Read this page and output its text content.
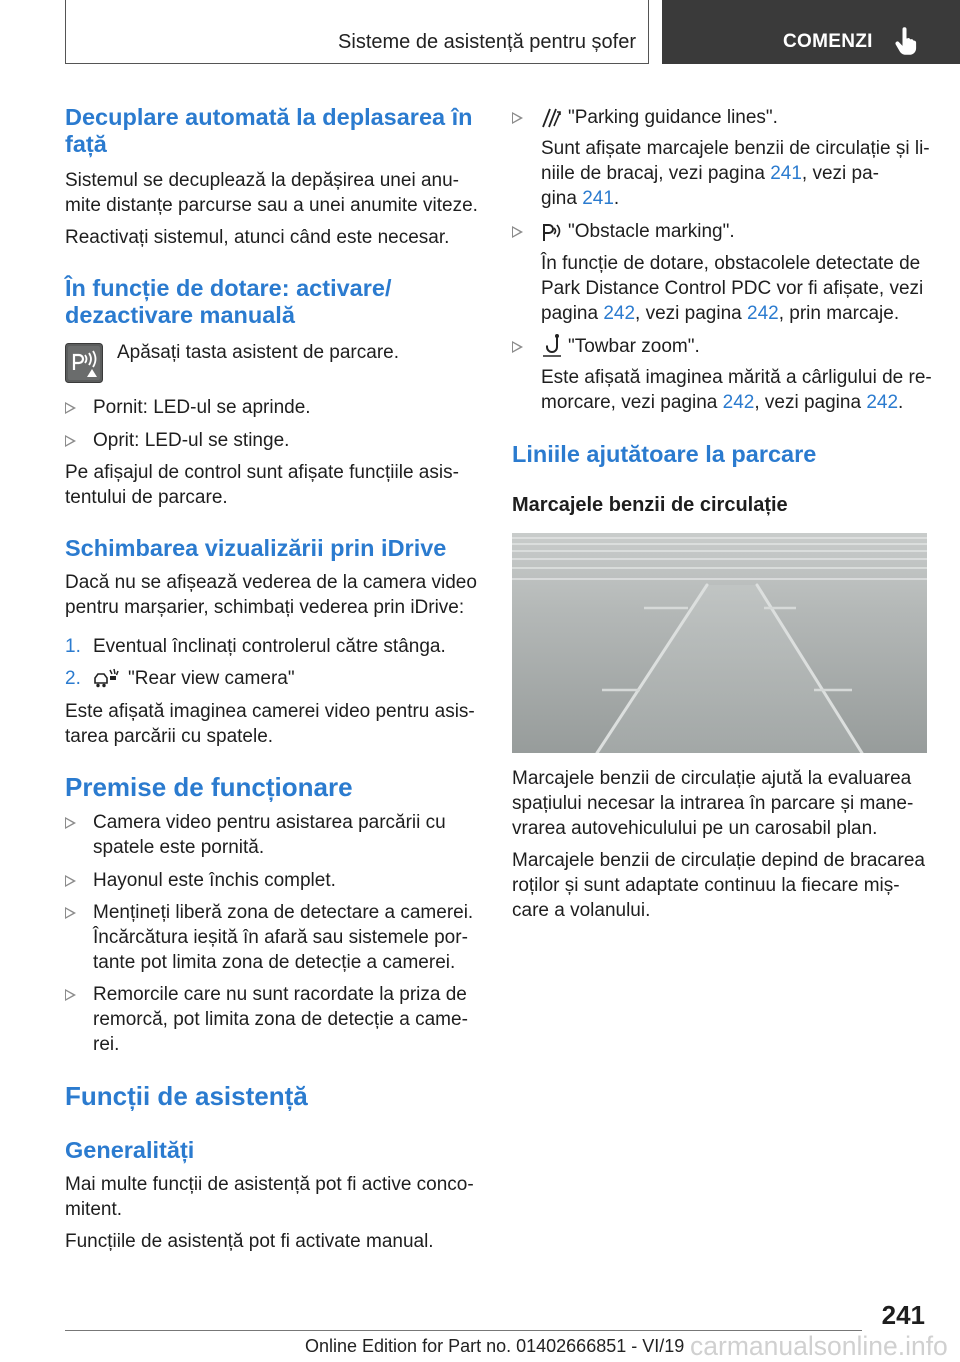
Sisteme de asistență pentru șofer	COMENZI
Decuplare automată la deplasarea în
față
Sistemul se decuplează la depășirea unei anu-
mite distanțe parcurse sau a unei anumite viteze.
Reactivați sistemul, atunci când este necesar.
În funcție de dotare: activare/
dezactivare manuală
Apăsați tasta asistent de parcare.
Pornit: LED-ul se aprinde.
Oprit: LED-ul se stinge.
Pe afișajul de control sunt afișate funcțiile asis-
tentului de parcare.
Schimbarea vizualizării prin iDrive
Dacă nu se afișează vederea de la camera video
pentru marșarier, schimbați vederea prin iDrive:
1. Eventual înclinați controlerul către stânga.
2. "Rear view camera"
Este afișată imaginea camerei video pentru asis-
tarea parcării cu spatele.
Premise de funcționare
Camera video pentru asistarea parcării cu
spatele este pornită.
Hayonul este închis complet.
Mențineți liberă zona de detectare a camerei.
Încărcătura ieșită în afară sau sistemele por-
tante pot limita zona de detecție a camerei.
Remorcile care nu sunt racordate la priza de
remorcă, pot limita zona de detecție a came-
rei.
Funcții de asistență
Generalități
Mai multe funcții de asistență pot fi active conco-
mitent.
Funcțiile de asistență pot fi activate manual.
"Parking guidance lines".
Sunt afișate marcajele benzii de circulație și li-
niile de bracaj, vezi pagina 241, vezi pa-
gina 241.
"Obstacle marking".
În funcție de dotare, obstacolele detectate de
Park Distance Control PDC vor fi afișate, vezi
pagina 242, vezi pagina 242, prin marcaje.
"Towbar zoom".
Este afișată imaginea mărită a cârligului de re-
morcare, vezi pagina 242, vezi pagina 242.
Liniile ajutătoare la parcare
Marcajele benzii de circulație
Marcajele benzii de circulație ajută la evaluarea
spațiului necesar la intrarea în parcare și mane-
vrarea autovehiculului pe un carosabil plan.
Marcajele benzii de circulație depind de bracarea
roților și sunt adaptate continuu la fiecare miș-
care a volanului.
241
Online Edition for Part no. 01402666851 - VI/19 carmanualsonline.info
